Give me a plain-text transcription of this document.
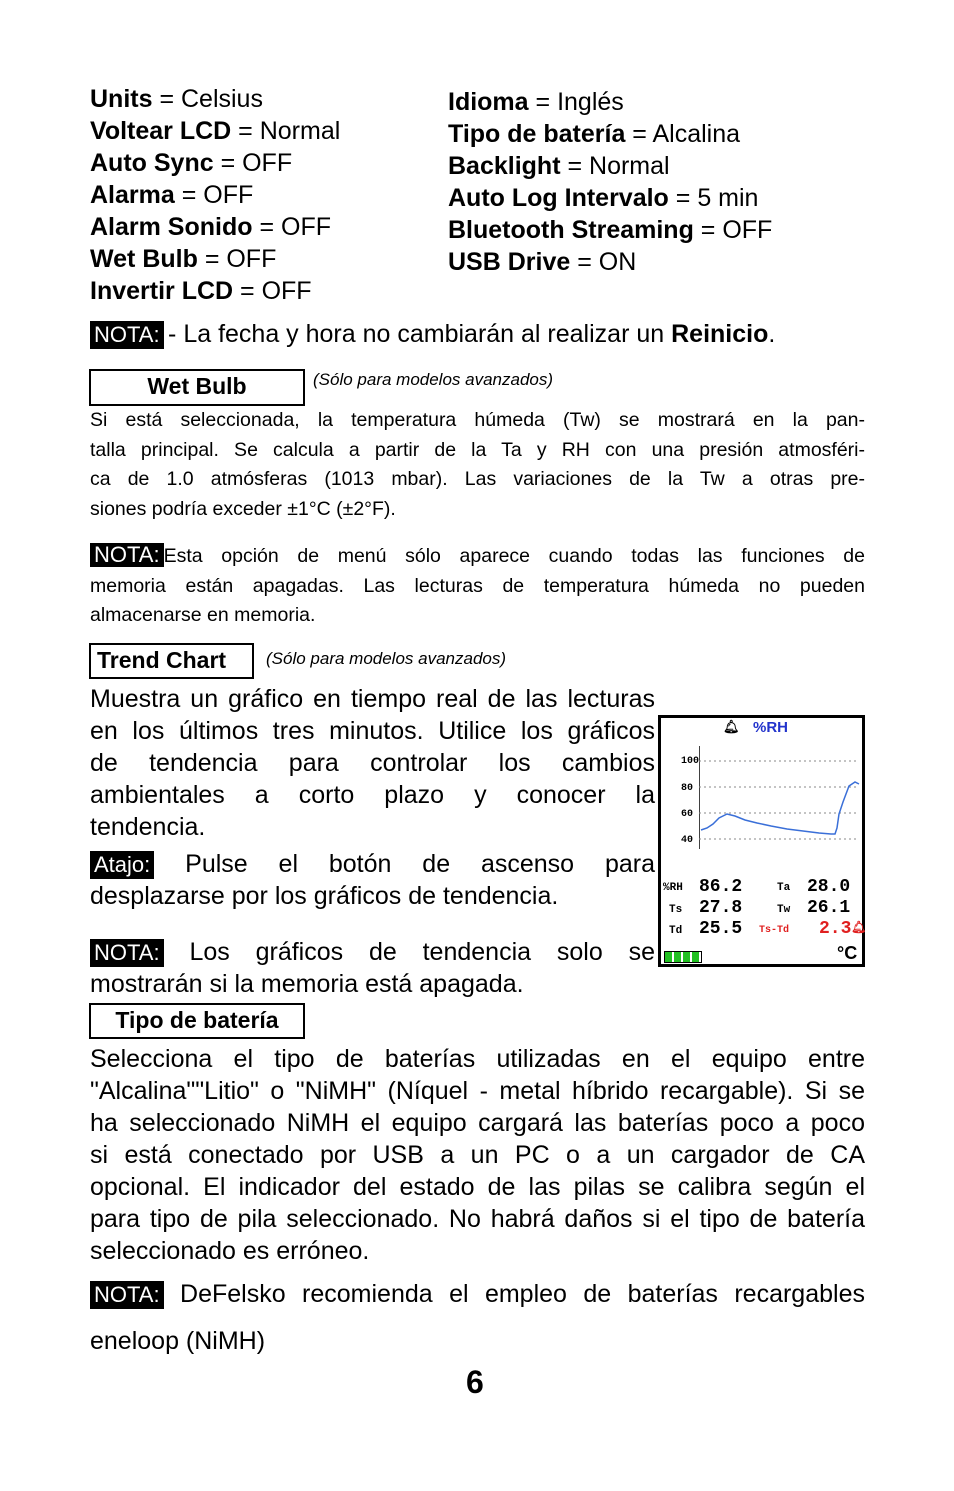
Units = Celsius
Voltear LCD = Normal
Auto Sync = OFF
Alarma = OFF
Alarm Sonido = OFF
Wet Bulb = OFF
Invertir LCD = OFF
Idioma = Inglés
Tipo de batería = Alcalina
Backlight = Normal
Auto Log Intervalo = 5 min
Bluetooth Streaming = OFF
USB Drive = ON
NOTA: - La fecha y hora no cambiarán al realizar un Reinicio.
Wet Bulb	(Sólo para modelos avanzados)
Si está seleccionada, la temperatura húmeda (Tw) se mostrará en la pan-
talla principal. Se calcula a partir de la Ta y RH con una presión atmosféri-
ca de 1.0 atmósferas (1013 mbar). Las variaciones de la Tw a otras pre-
siones podría exceder ±1°C (±2°F).
NOTA: Esta opción de menú sólo aparece cuando todas las funciones de
memoria están apagadas. Las lecturas de temperatura húmeda no pueden
almacenarse en memoria.
Trend Chart	(Sólo para modelos avanzados)
Muestra un gráfico en tiempo real de las lecturas
en los últimos tres minutos. Utilice los gráficos
de tendencia para controlar los cambios
ambientales a corto plazo y conocer la
tendencia.
Atajo: Pulse el botón de ascenso para
desplazarse por los gráficos de tendencia.
NOTA: Los gráficos de tendencia solo se
mostrarán si la memoria está apagada.
🔔︎ %RH
100
80
60
40
%RH 86.2	Ta 28.0
Ts 27.8	Tw 26.1
Td 25.5 Ts-Td 2.3 🔔︎
°C
Tipo de batería
Selecciona el tipo de baterías utilizadas en el equipo entre
"Alcalina""Litio" o "NiMH" (Níquel - metal híbrido recargable). Si se
ha seleccionado NiMH el equipo cargará las baterías poco a poco
si está conectado por USB a un PC o a un cargador de CA
opcional. El indicador del estado de las pilas se calibra según el
para tipo de pila seleccionado. No habrá daños si el tipo de batería
seleccionado es erróneo.
NOTA: DeFelsko recomienda el empleo de baterías recargables
eneloop (NiMH)
6
